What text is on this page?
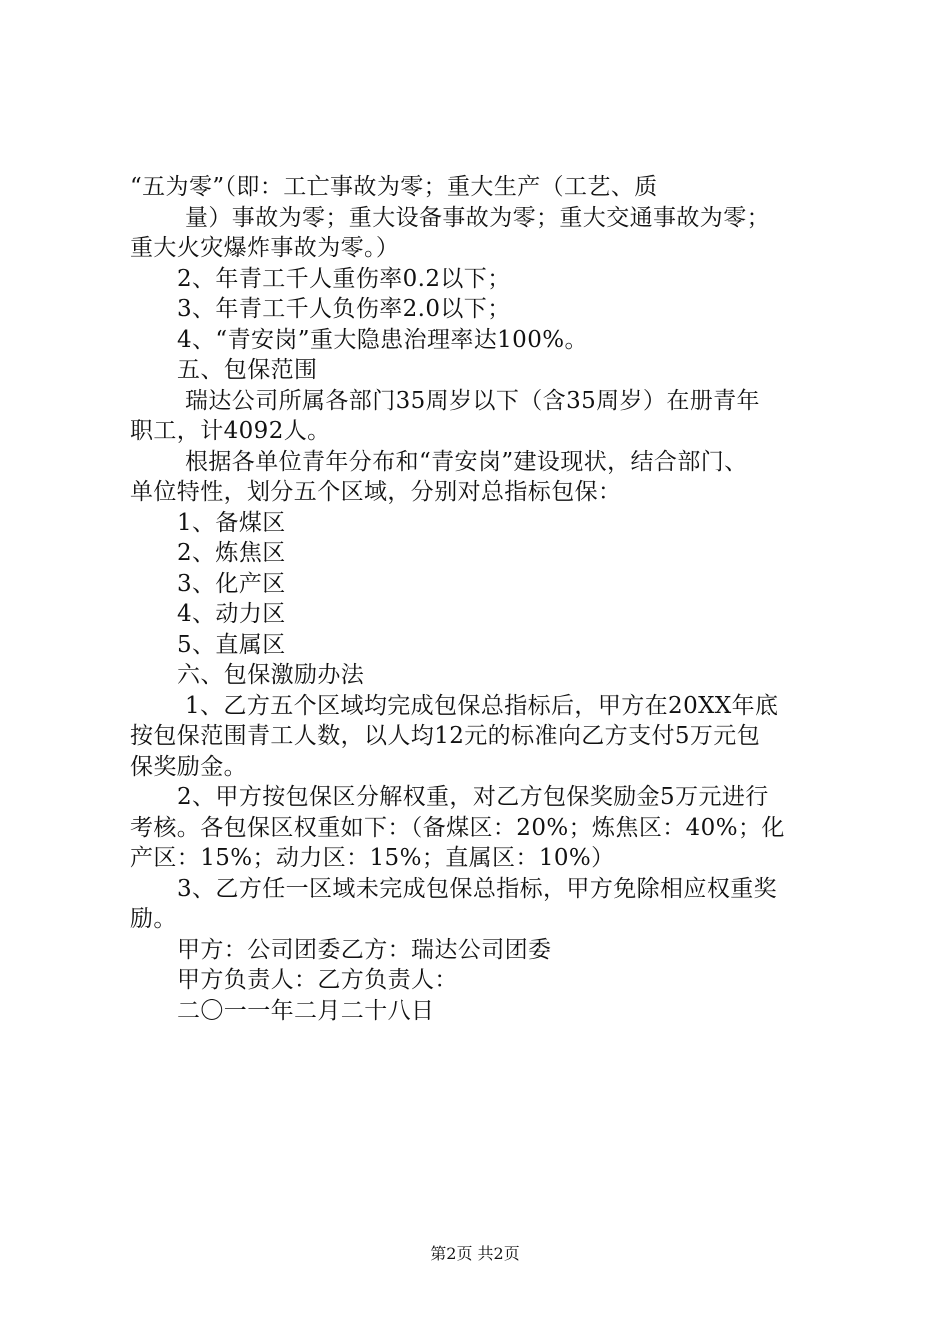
“五为零”（即：工亡事故为零；重大生产（工艺、质
量）事故为零；重大设备事故为零；重大交通事故为零；
重大火灾爆炸事故为零。）
2、年青工千人重伤率0.2以下；
3、年青工千人负伤率2.0以下；
4、“青安岗”重大隐患治理率达100%。
五、包保范围
瑞达公司所属各部门35周岁以下（含35周岁）在册青年
职工，计4092人。
根据各单位青年分布和“青安岗”建设现状，结合部门、
单位特性，划分五个区域，分别对总指标包保：
1、备煤区
2、炼焦区
3、化产区
4、动力区
5、直属区
六、包保激励办法
1、乙方五个区域均完成包保总指标后，甲方在20XX年底
按包保范围青工人数，以人均12元的标准向乙方支付5万元包
保奖励金。
2、甲方按包保区分解权重，对乙方包保奖励金5万元进行
考核。各包保区权重如下：（备煤区：20%；炼焦区：40%；化
产区：15%；动力区：15%；直属区：10%）
3、乙方任一区域未完成包保总指标，甲方免除相应权重奖
励。
甲方：公司团委乙方：瑞达公司团委
甲方负责人：乙方负责人：
二〇一一年二月二十八日
第2页 共2页
